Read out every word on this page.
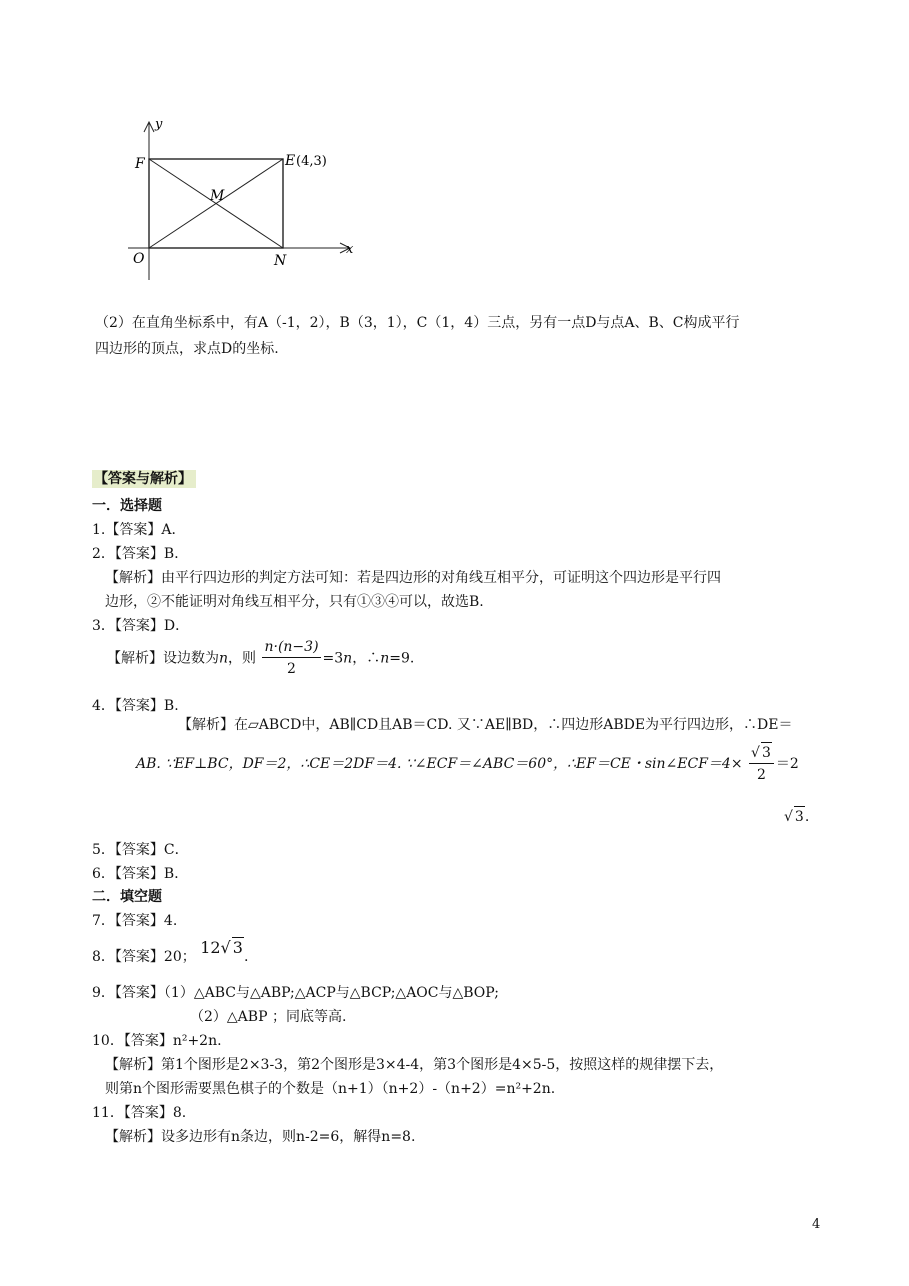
y
x
F	E (4,3)
M
O	N
（2）在直角坐标系中，有A（-1，2），B（3，1），C（1，4）三点，另有一点D与点A、B、C构成平行
四边形的顶点，求点D的坐标.
【答案与解析】
一．选择题
1.【答案】A．
2．【答案】B．
【解析】由平行四边形的判定方法可知：若是四边形的对角线互相平分，可证明这个四边形是平行四
边形，②不能证明对角线互相平分，只有①③④可以，故选B.
3．【答案】D．
【解析】设边数为n，则 $\frac{n\cdot(n-3)}{2} =3n$，∴n=9.
4．【答案】B.
【解析】在▱ABCD中，AB∥CD且AB＝CD. 又∵AE∥BD，∴四边形ABDE为平行四边形，∴DE＝
AB. ∵EF⊥BC，DF＝2，∴CE＝2DF＝4. ∵∠ECF＝∠ABC＝60°，∴EF＝CE・sin∠ECF＝4× $\frac{√ 3}{2} =2$
√ 3.
5．【答案】C．
6．【答案】B．
二．填空题
7．【答案】4.
8．【答案】20； 12√ 3.
9．【答案】（1）△ABC与△ABP;△ACP与△BCP;△AOC与△BOP;
（2）△ABP ；同底等高.
10．【答案】n²+2n.
【解析】第1个图形是2×3-3，第2个图形是3×4-4，第3个图形是4×5-5，按照这样的规律摆下去，
则第n个图形需要黑色棋子的个数是（n+1）（n+2）-（n+2）=n²+2n.
11．【答案】8.
【解析】设多边形有n条边，则n-2=6，解得n=8.
4
